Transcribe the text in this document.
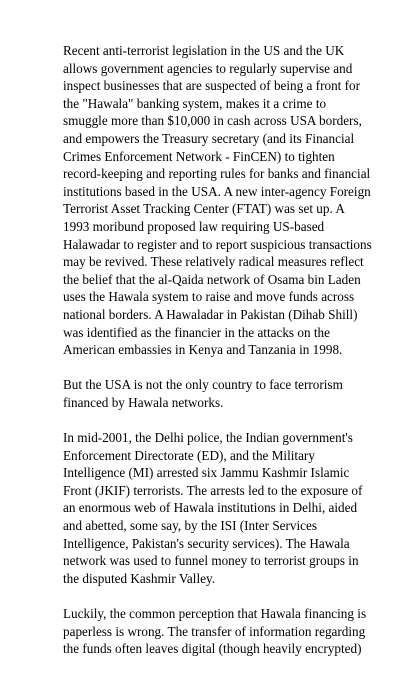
Recent anti-terrorist legislation in the US and the UK
allows government agencies to regularly supervise and
inspect businesses that are suspected of being a front for
the "Hawala" banking system, makes it a crime to
smuggle more than $10,000 in cash across USA borders,
and empowers the Treasury secretary (and its Financial
Crimes Enforcement Network - FinCEN) to tighten
record-keeping and reporting rules for banks and financial
institutions based in the USA. A new inter-agency Foreign
Terrorist Asset Tracking Center (FTAT) was set up. A
1993 moribund proposed law requiring US-based
Halawadar to register and to report suspicious transactions
may be revived. These relatively radical measures reflect
the belief that the al-Qaida network of Osama bin Laden
uses the Hawala system to raise and move funds across
national borders. A Hawaladar in Pakistan (Dihab Shill)
was identified as the financier in the attacks on the
American embassies in Kenya and Tanzania in 1998.

But the USA is not the only country to face terrorism
financed by Hawala networks.

In mid-2001, the Delhi police, the Indian government's
Enforcement Directorate (ED), and the Military
Intelligence (MI) arrested six Jammu Kashmir Islamic
Front (JKIF) terrorists. The arrests led to the exposure of
an enormous web of Hawala institutions in Delhi, aided
and abetted, some say, by the ISI (Inter Services
Intelligence, Pakistan's security services). The Hawala
network was used to funnel money to terrorist groups in
the disputed Kashmir Valley.

Luckily, the common perception that Hawala financing is
paperless is wrong. The transfer of information regarding
the funds often leaves digital (though heavily encrypted)
